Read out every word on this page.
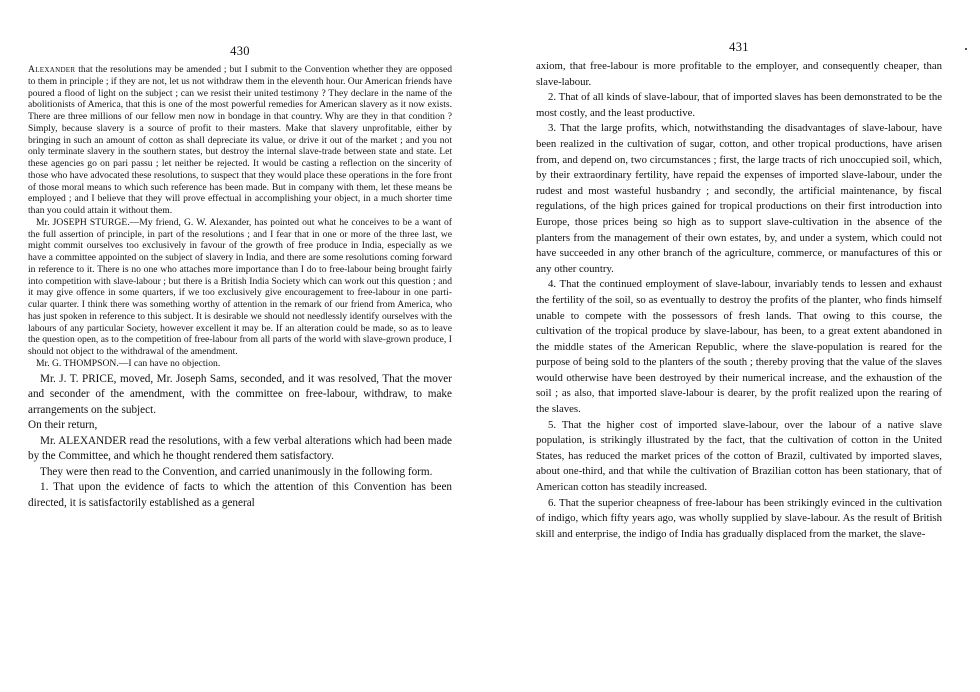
430

Alexander that the resolutions may be amended ; but I submit to the Convention whether they are opposed to them in principle ; if they are not, let us not withdraw them in the eleventh hour. Our American friends have poured a flood of light on the subject ; can we resist their united testimony ? They declare in the name of the abolitionists of America, that this is one of the most powerful remedies for American slavery as it now exists. There are three millions of our fellow men now in bondage in that country. Why are they in that condition ? Simply, because slavery is a source of profit to their masters. Make that slavery unprofitable, either by bringing in such an amount of cotton as shall depreciate its value, or drive it out of the market ; and you not only terminate slavery in the southern states, but destroy the internal slave-trade between state and state. Let these agencies go on pari passu ; let neither be rejected. It would be casting a reflection on the sincerity of those who have advocated these resolutions, to suspect that they would place these operations in the fore front of those moral means to which such reference has been made. But in company with them, let these means be employed ; and I believe that they will prove effectual in accomplishing your object, in a much shorter time than you could attain it without them.

Mr. JOSEPH STURGE.—My friend, G. W. Alexander, has pointed out what he conceives to be a want of the full assertion of principle, in part of the resolutions ; and I fear that in one or more of the three last, we might commit ourselves too exclusively in favour of the growth of free produce in India, especially as we have a committee appointed on the subject of slavery in India, and there are some resolutions coming forward in reference to it. There is no one who attaches more importance than I do to free-labour being brought fairly into competition with slave-labour ; but there is a British India Society which can work out this question ; and it may give offence in some quarters, if we too exclusively give encouragement to free-labour in one particular quarter. I think there was something worthy of attention in the remark of our friend from America, who has just spoken in reference to this subject. It is desirable we should not needlessly identify ourselves with the labours of any particular Society, however excellent it may be. If an alteration could be made, so as to leave the question open, as to the competition of free-labour from all parts of the world with slave-grown produce, I should not object to the withdrawal of the amendment.

Mr. G. THOMPSON.—I can have no objection.

Mr. J. T. PRICE, moved, Mr. Joseph Sams, seconded, and it was resolved, That the mover and seconder of the amendment, with the committee on free-labour, withdraw, to make arrangements on the subject.

On their return,

Mr. ALEXANDER read the resolutions, with a few verbal alterations which had been made by the Committee, and which he thought rendered them satisfactory.

They were then read to the Convention, and carried unanimously in the following form.

1. That upon the evidence of facts to which the attention of this Convention has been directed, it is satisfactorily established as a general

431

axiom, that free-labour is more profitable to the employer, and consequently cheaper, than slave-labour.

2. That of all kinds of slave-labour, that of imported slaves has been demonstrated to be the most costly, and the least productive.

3. That the large profits, which, notwithstanding the disadvantages of slave-labour, have been realized in the cultivation of sugar, cotton, and other tropical productions, have arisen from, and depend on, two circumstances ; first, the large tracts of rich unoccupied soil, which, by their extraordinary fertility, have repaid the expenses of imported slave-labour, under the rudest and most wasteful husbandry ; and secondly, the artificial maintenance, by fiscal regulations, of the high prices gained for tropical productions on their first introduction into Europe, those prices being so high as to support slave-cultivation in the absence of the planters from the management of their own estates, by, and under a system, which could not have succeeded in any other branch of the agriculture, commerce, or manufactures of this or any other country.

4. That the continued employment of slave-labour, invariably tends to lessen and exhaust the fertility of the soil, so as eventually to destroy the profits of the planter, who finds himself unable to compete with the possessors of fresh lands. That owing to this course, the cultivation of the tropical produce by slave-labour, has been, to a great extent abandoned in the middle states of the American Republic, where the slave-population is reared for the purpose of being sold to the planters of the south ; thereby proving that the value of the slaves would otherwise have been destroyed by their numerical increase, and the exhaustion of the soil ; as also, that imported slave-labour is dearer, by the profit realized upon the rearing of the slaves.

5. That the higher cost of imported slave-labour, over the labour of a native slave population, is strikingly illustrated by the fact, that the cultivation of cotton in the United States, has reduced the market prices of the cotton of Brazil, cultivated by imported slaves, about one-third, and that while the cultivation of Brazilian cotton has been stationary, that of American cotton has steadily increased.

6. That the superior cheapness of free-labour has been strikingly evinced in the cultivation of indigo, which fifty years ago, was wholly supplied by slave-labour. As the result of British skill and enterprise, the indigo of India has gradually displaced from the market, the slave-
